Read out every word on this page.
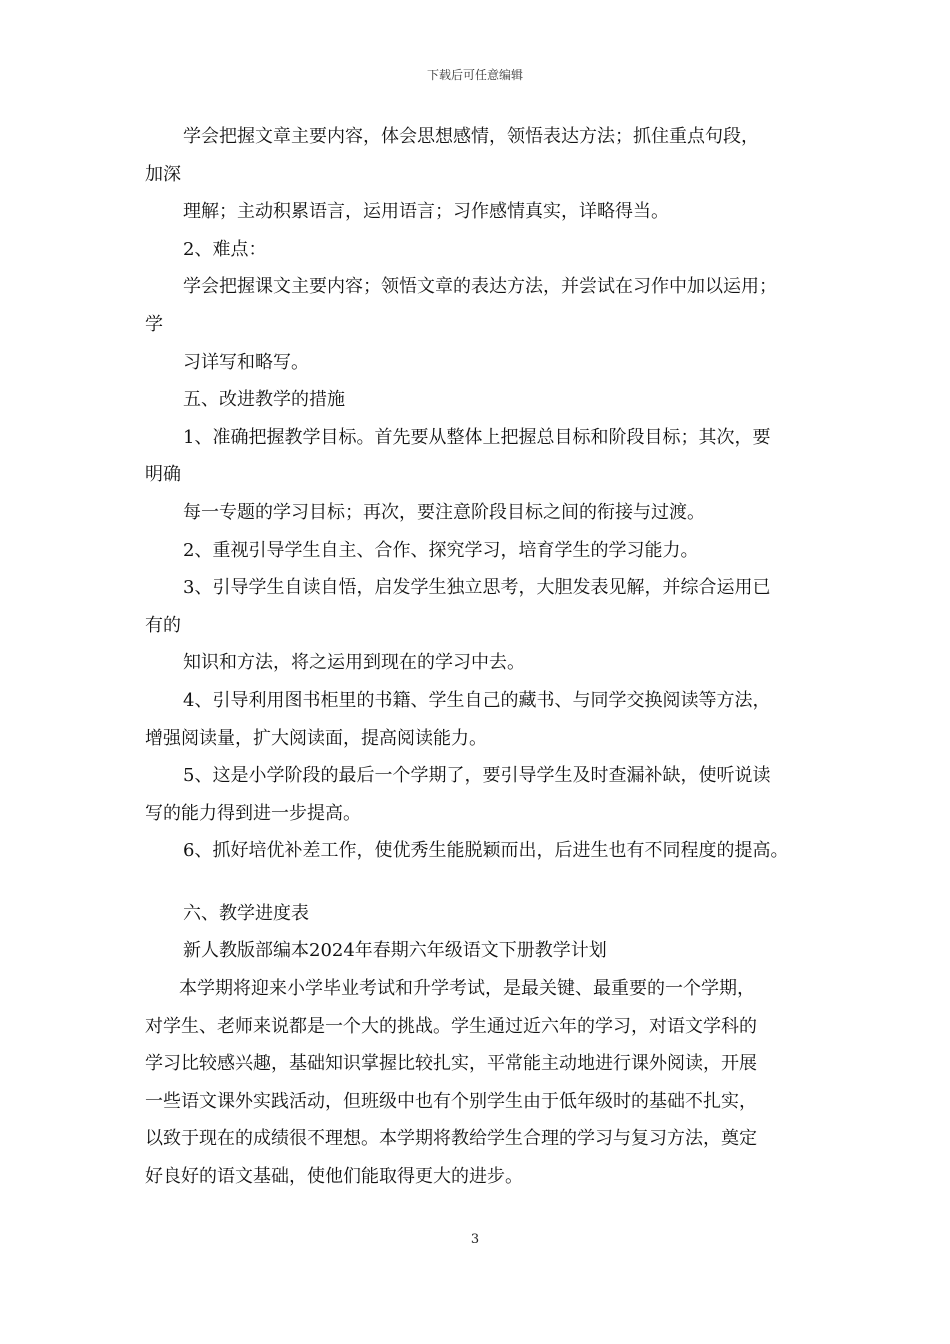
下载后可任意编辑
学会把握文章主要内容，体会思想感情，领悟表达方法；抓住重点句段，
加深
理解；主动积累语言，运用语言；习作感情真实，详略得当。
2、难点：
学会把握课文主要内容；领悟文章的表达方法，并尝试在习作中加以运用；
学
习详写和略写。
五、改进教学的措施
1、准确把握教学目标。首先要从整体上把握总目标和阶段目标；其次，要
明确
每一专题的学习目标；再次，要注意阶段目标之间的衔接与过渡。
2、重视引导学生自主、合作、探究学习，培育学生的学习能力。
3、引导学生自读自悟，启发学生独立思考，大胆发表见解，并综合运用已
有的
知识和方法，将之运用到现在的学习中去。
4、引导利用图书柜里的书籍、学生自己的藏书、与同学交换阅读等方法，
增强阅读量，扩大阅读面，提高阅读能力。
5、这是小学阶段的最后一个学期了，要引导学生及时查漏补缺，使听说读
写的能力得到进一步提高。
6、抓好培优补差工作，使优秀生能脱颖而出，后进生也有不同程度的提高。
六、教学进度表
新人教版部编本2024年春期六年级语文下册教学计划
本学期将迎来小学毕业考试和升学考试，是最关键、最重要的一个学期，
对学生、老师来说都是一个大的挑战。学生通过近六年的学习，对语文学科的
学习比较感兴趣，基础知识掌握比较扎实，平常能主动地进行课外阅读，开展
一些语文课外实践活动，但班级中也有个别学生由于低年级时的基础不扎实，
以致于现在的成绩很不理想。本学期将教给学生合理的学习与复习方法，奠定
好良好的语文基础，使他们能取得更大的进步。
3
